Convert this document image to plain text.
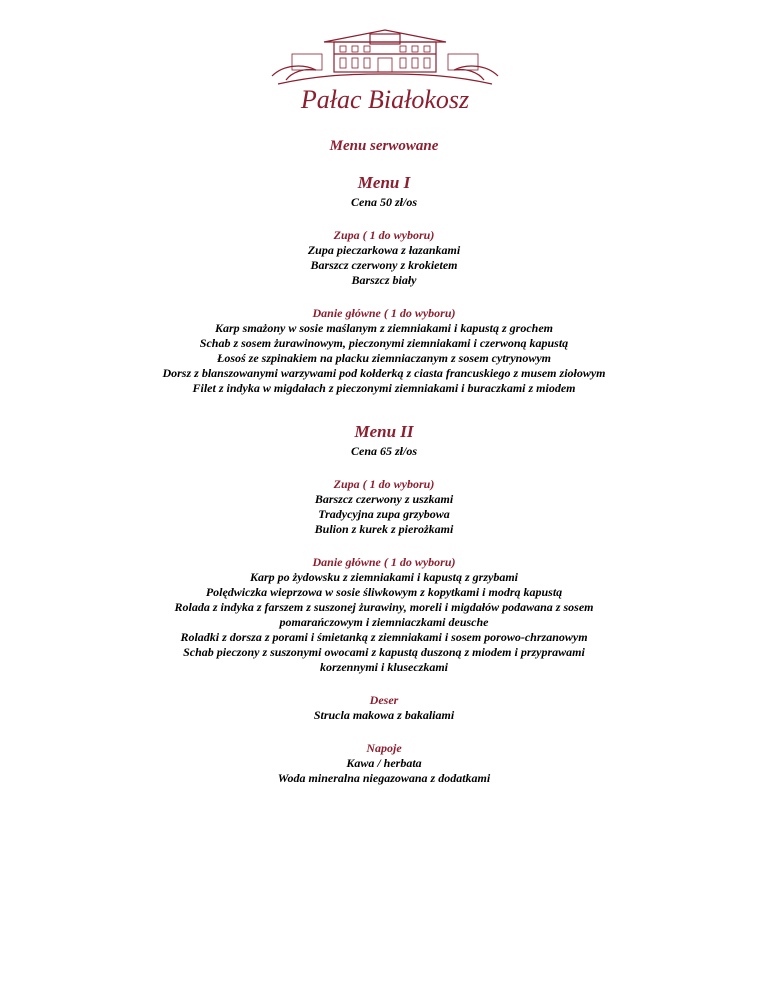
Pałac Białokosz
Menu serwowane
Menu I
Cena 50 zł/os
Zupa ( 1 do wyboru)
Zupa pieczarkowa z łazankami
Barszcz czerwony z krokietem
Barszcz biały
Danie główne ( 1 do wyboru)
Karp smażony w sosie maślanym z ziemniakami i kapustą z grochem
Schab z sosem żurawinowym, pieczonymi ziemniakami i czerwoną kapustą
Łosoś ze szpinakiem na placku ziemniaczanym z sosem cytrynowym
Dorsz z blanszowanymi warzywami pod kołderką z ciasta francuskiego z musem ziołowym
Filet z indyka w migdałach z pieczonymi ziemniakami i buraczkami z miodem
Menu II
Cena 65 zł/os
Zupa ( 1 do wyboru)
Barszcz czerwony z uszkami
Tradycyjna zupa grzybowa
Bulion z kurek z pierożkami
Danie główne ( 1 do wyboru)
Karp po żydowsku z ziemniakami i kapustą z grzybami
Polędwiczka wieprzowa w sosie śliwkowym z kopytkami i modrą kapustą
Rolada z indyka z farszem z suszonej żurawiny, moreli i migdałów podawana z sosem
pomarańczowym i ziemniaczkami deusche
Roladki z dorsza z porami i śmietanką z ziemniakami i sosem porowo-chrzanowym
Schab pieczony z suszonymi owocami z kapustą duszoną z miodem i przyprawami
korzennymi i kluseczkami
Deser
Strucla makowa z bakaliami
Napoje
Kawa / herbata
Woda mineralna niegazowana z dodatkami
